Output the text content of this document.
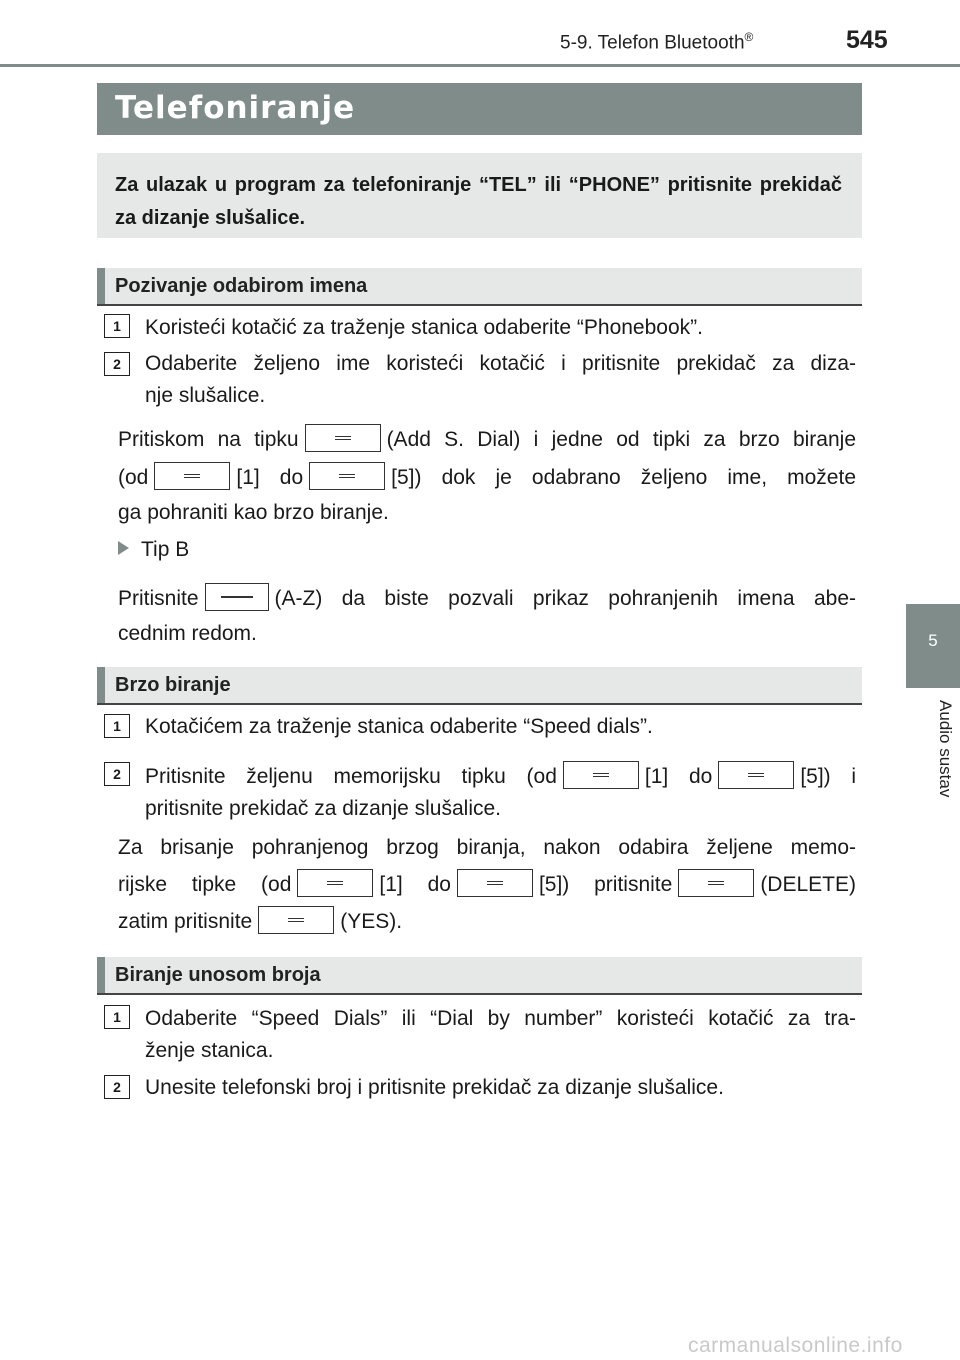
5-9. Telefon Bluetooth®	545
5
Audio sustav
Telefoniranje
Za ulazak u program za telefoniranje “TEL” ili “PHONE” pritisnite prekidač za dizanje slušalice.
Pozivanje odabirom imena
1	Koristeći kotačić za traženje stanica odaberite “Phonebook”.
2	Odaberite željeno ime koristeći kotačić i pritisnite prekidač za diza-
nje slušalice.
Pritiskom na tipku	(Add S. Dial) i jedne od tipki za brzo biranje
(od	[1] do	[5]) dok je odabrano željeno ime, možete
ga pohraniti kao brzo biranje.
Tip B
Pritisnite	(A-Z) da biste pozvali prikaz pohranjenih imena abe-
cednim redom.
Brzo biranje
1	Kotačićem za traženje stanica odaberite “Speed dials”.
2	Pritisnite željenu memorijsku tipku (od	[1] do	[5]) i
pritisnite prekidač za dizanje slušalice.
Za brisanje pohranjenog brzog biranja, nakon odabira željene memo-
rijske tipke (od	[1] do	[5]) pritisnite	(DELETE)
zatim pritisnite	(YES).
Biranje unosom broja
1	Odaberite “Speed Dials” ili “Dial by number” koristeći kotačić za tra-
ženje stanica.
2	Unesite telefonski broj i pritisnite prekidač za dizanje slušalice.
carmanualsonline.info
